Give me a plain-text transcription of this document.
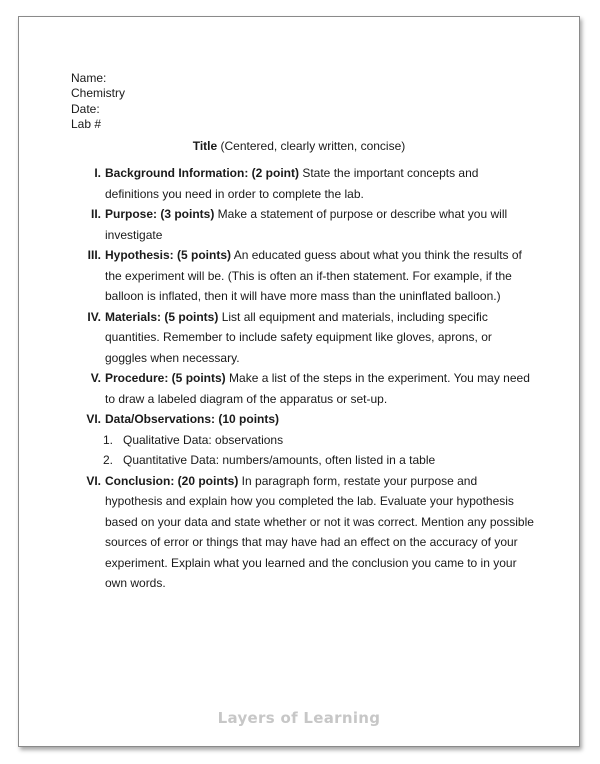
Name:
Chemistry
Date:
Lab #
Title (Centered, clearly written, concise)
I. Background Information: (2 point) State the important concepts and definitions you need in order to complete the lab.
II. Purpose: (3 points) Make a statement of purpose or describe what you will investigate
III. Hypothesis: (5 points) An educated guess about what you think the results of the experiment will be. (This is often an if-then statement. For example, if the balloon is inflated, then it will have more mass than the uninflated balloon.)
IV. Materials: (5 points) List all equipment and materials, including specific quantities. Remember to include safety equipment like gloves, aprons, or goggles when necessary.
V. Procedure: (5 points) Make a list of the steps in the experiment. You may need to draw a labeled diagram of the apparatus or set-up.
VI. Data/Observations: (10 points)
1. Qualitative Data: observations
2. Quantitative Data: numbers/amounts, often listed in a table
VI. Conclusion: (20 points) In paragraph form, restate your purpose and hypothesis and explain how you completed the lab. Evaluate your hypothesis based on your data and state whether or not it was correct. Mention any possible sources of error or things that may have had an effect on the accuracy of your experiment. Explain what you learned and the conclusion you came to in your own words.
Layers of Learning
